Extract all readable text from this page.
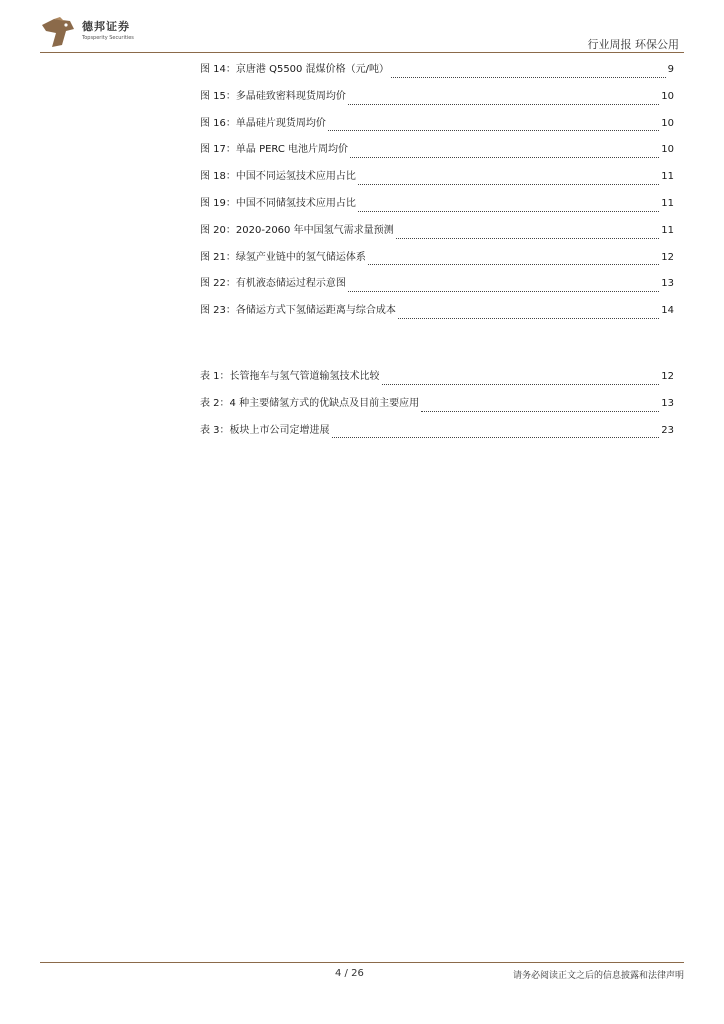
德邦证券
Topsperity Securities	行业周报 环保公用
图 14：京唐港 Q5500 混煤价格（元/吨）	9
图 15：多晶硅致密料现货周均价	10
图 16：单晶硅片现货周均价	10
图 17：单晶 PERC 电池片周均价	10
图 18：中国不同运氢技术应用占比	11
图 19：中国不同储氢技术应用占比	11
图 20：2020-2060 年中国氢气需求量预测	11
图 21：绿氢产业链中的氢气储运体系	12
图 22：有机液态储运过程示意图	13
图 23：各储运方式下氢储运距离与综合成本	14
表 1：长管拖车与氢气管道输氢技术比较	12
表 2：4 种主要储氢方式的优缺点及目前主要应用	13
表 3：板块上市公司定增进展	23
4 / 26	请务必阅读正文之后的信息披露和法律声明
